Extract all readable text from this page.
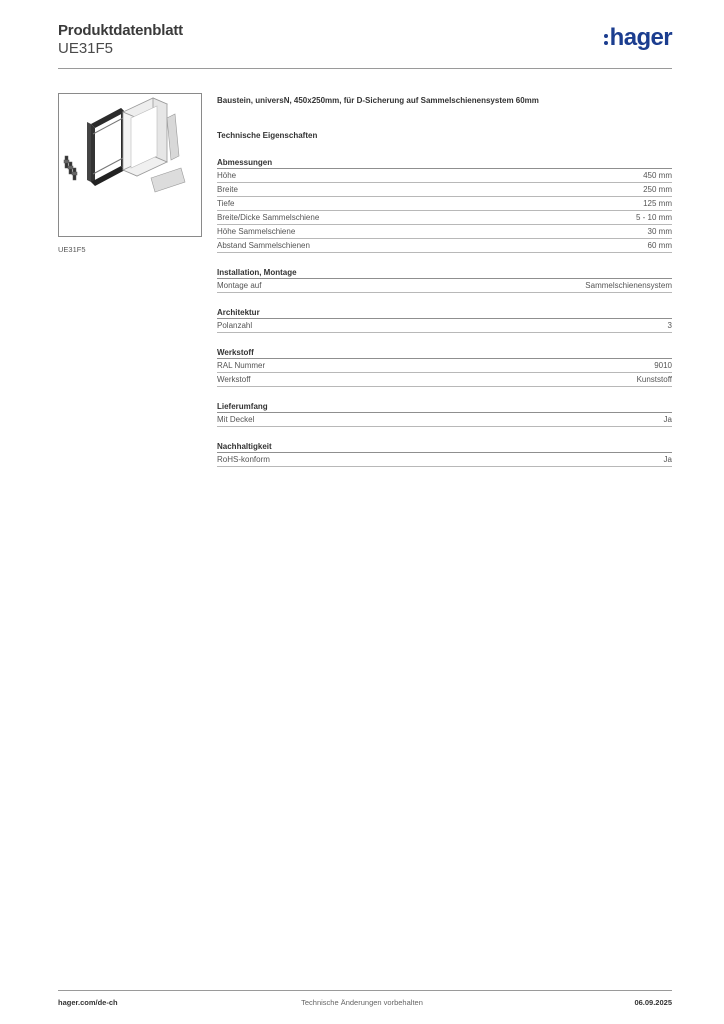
Produktdatenblatt
UE31F5	hager
UE31F5
Baustein, universN, 450x250mm, für D-Sicherung auf Sammelschienensystem 60mm
Technische Eigenschaften
Abmessungen
Höhe	450 mm
Breite	250 mm
Tiefe	125 mm
Breite/Dicke Sammelschiene	5 - 10 mm
Höhe Sammelschiene	30 mm
Abstand Sammelschienen	60 mm
Installation, Montage
Montage auf	Sammelschienensystem
Architektur
Polanzahl	3
Werkstoff
RAL Nummer	9010
Werkstoff	Kunststoff
Lieferumfang
Mit Deckel	Ja
Nachhaltigkeit
RoHS-konform	Ja
hager.com/de-ch	Technische Änderungen vorbehalten	06.09.2025
